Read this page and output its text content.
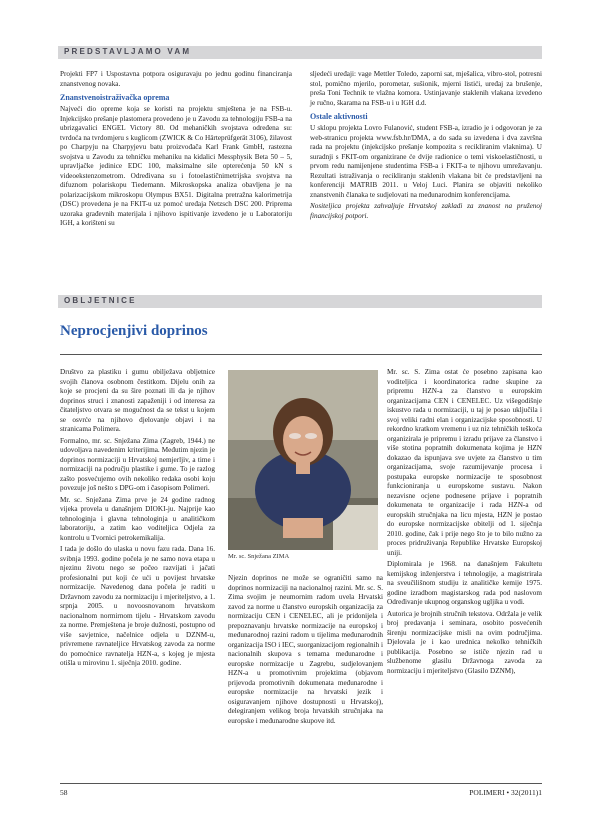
PREDSTAVLJAMO VAM

Projekti FP7 i Uspostavna potpora osiguravaju po jednu godinu financiranja znanstvenog novaka.

Znanstvenoistraživačka oprema

Najveći dio opreme koja se koristi na projektu smještena je na FSB-u. Injekcijsko prešanje plastomera provedeno je u Zavodu za tehnologiju FSB-a na ubrizgavalici ENGEL Victory 80. Od mehaničkih svojstava određena su: tvrdoća na tvrdomjeru s kuglicom (ZWICK & Co Härteprüfgerät 3106), žilavost po Charpyju na Charpyjevu batu proizvođača Karl Frank GmbH, rastezna svojstva u Zavodu za tehničku mehaniku na kidalici Messphysik Beta 50 – 5, upravljačke jedinice EDC 100, maksimalne sile opterećenja 50 kN s videoekstenzometrom. Određivana su i fotoelastičnimetrijska svojstva na difuznom polariskopu Tiedemann. Mikroskopska analiza obavljena je na polarizacijskom mikroskopu Olympus BX51. Digitalna pretražna kalorimetrija (DSC) provedena je na FKIT-u uz pomoć uređaja Netzsch DSC 200. Priprema uzoraka građevnih materijala i njihovo ispitivanje izvedeno je u Laboratoriju IGH, a korišteni su

sljedeći uređaji: vage Mettler Toledo, zaporni sat, mješalica, vibro-stol, potresni stol, pomično mjerilo, porometar, sušionik, mjerni listići, uređaj za brušenje, preša Toni Technik te vlažna komora. Ustinjavanje staklenih vlakana izvedeno je ručno, škarama na FSB-u i u IGH d.d.

Ostale aktivnosti

U sklopu projekta Lovro Fulanović, student FSB-a, izradio je i odgovoran je za web-stranicu projekta www.fsb.hr/DMA, a do sada su izvedena i dva završna rada na projektu (injekcijsko prešanje kompozita s recikliranim vlaknima). U suradnji s FKIT-om organizirane će dvije radionice o temi viskoelastičnosti, u prvom redu namijenjene studentima FSB-a i FKIT-a te njihovu umrežavanju. Rezultati istraživanja o recikliranju staklenih vlakana bit će predstavljeni na konferenciji MATRIB 2011. u Veloj Luci. Planira se objaviti nekoliko znanstvenih članaka te sudjelovati na međunarodnim konferencijama.

Nositeljica projekta zahvaljuje Hrvatskoj zakladi za znanost na pruženoj financijskoj potpori.

OBLJETNICE
Neprocjenjivi doprinos

Društvo za plastiku i gumu obilježava obljetnice svojih članova osobnom čestitkom. Dijelu onih za koje se procjeni da su šire poznati ili da je njihov doprinos struci i znanosti zapaženiji i od interesa za čitateljstvo otvara se mogućnost da se tekst u kojem se osvrće na njihovo djelovanje objavi i na stranicama Polimera.

Formalno, mr. sc. Snježana Zima (Zagreb, 1944.) ne udovoljava navedenim kriterijima. Međutim njezin je doprinos normizaciji u Hrvatskoj nemjerljiv, a time i normizaciji na području plastike i gume. To je razlog zašto posvećujemo ovih nekoliko redaka osobi koju povezuje još nešto s DPG-om i časopisom Polimeri.

Mr. sc. Snježana Zima prve je 24 godine radnog vijeka provela u današnjem DIOKI-ju. Najprije kao tehnologinja i glavna tehnologinja u analitičkom laboratoriju, a zatim kao voditeljica Odjela za kontrolu u Tvornici petrokemikalija.

I tada je došlo do ulaska u novu fazu rada. Dana 16. svibnja 1993. godine počela je ne samo nova etapa u njezinu životu nego se počeo razvijati i jačati profesionalni put koji će ući u povijest hrvatske normizacije. Navedenog dana počela je raditi u Državnom zavodu za normizaciju i mjeriteljstvo, a 1. srpnja 2005. u novoosnovanom hrvatskom nacionalnom normirnom tijelu - Hrvatskom zavodu za norme. Premještena je broje dužnosti, postupno od više savjetnice, načelnice odjela u DZNM-u, privremene ravnateljice Hrvatskog zavoda za norme do pomoćnice ravnatelja HZN-a, s kojeg je mjesta otišla u mirovinu 1. siječnja 2010. godine.

Mr. sc. Snježana ZIMA

Njezin doprinos ne može se ograničiti samo na doprinos normizaciji na nacionalnoj razini. Mr. sc. S. Zima svojim je neumornim radom uvela Hrvatski zavod za norme u članstvo europskih organizacija za normizaciju CEN i CENELEC, ali je pridonijela i prepoznavanju hrvatske normizacije na europskoj i međunarodnoj razini radom u tijelima međunarodnih organizacija ISO i IEC, suorganizacijom regionalnih i nacionalnih skupova s temama međunarodne i europske normizacije u Zagrebu, sudjelovanjem HZN-a u promotivnim projektima (objavom prijevoda promotivnih dokumenata međunarodne i europske normizacije na hrvatski jezik i osiguravanjem njihove dostupnosti u Hrvatskoj), delegiranjem velikog broja hrvatskih stručnjaka na europske i međunarodne skupove itd.

Mr. sc. S. Zima ostat će posebno zapisana kao voditeljica i koordinatorica radne skupine za pripremu HZN-a za članstvo u europskim organizacijama CEN i CENELEC. Uz višegodišnje iskustvo rada u normizaciji, u taj je posao uključila i svoj veliki radni elan i organizacijske sposobnosti. U rekordno kratkom vremenu i uz niz tehničkih teškoća organizirala je pripremu i izradu prijave za članstvo i više stotina popratnih dokumenata kojima je HZN dokazao da ispunjava sve uvjete za članstvo u tim organizacijama, svoje razumijevanje procesa i postupaka europske normizacije te sposobnost funkcioniranja u europskome sustavu. Nakon nezavisne ocjene podnesene prijave i popratnih dokumenata te organizacije i rada HZN-a od europskih stručnjaka na licu mjesta, HZN je postao do europske normizacijske obitelji od 1. siječnja 2010. godine, čak i prije nego što je to bilo nužno za proces pridruživanja Republike Hrvatske Europskoj uniji.

Diplomirala je 1968. na današnjem Fakultetu kemijskog inženjerstva i tehnologije, a magistrirala na sveučilišnom studiju iz analitičke kemije 1975. godine izradbom magistarskog rada pod naslovom Određivanje ukupnog organskog ugljika u vodi.

Autorica je brojnih stručnih tekstova. Održala je velik broj predavanja i seminara, osobito posvećenih širenju normizacijske misli na ovim područjima. Djelovala je i kao urednica nekolko tehničkih publikacija. Posebno se ističe njezin rad u službenome glasilu Državnoga zavoda za normizaciju i mjeriteljstvo (Glasilo DZNM),

58	POLIMERI • 32(2011)1
